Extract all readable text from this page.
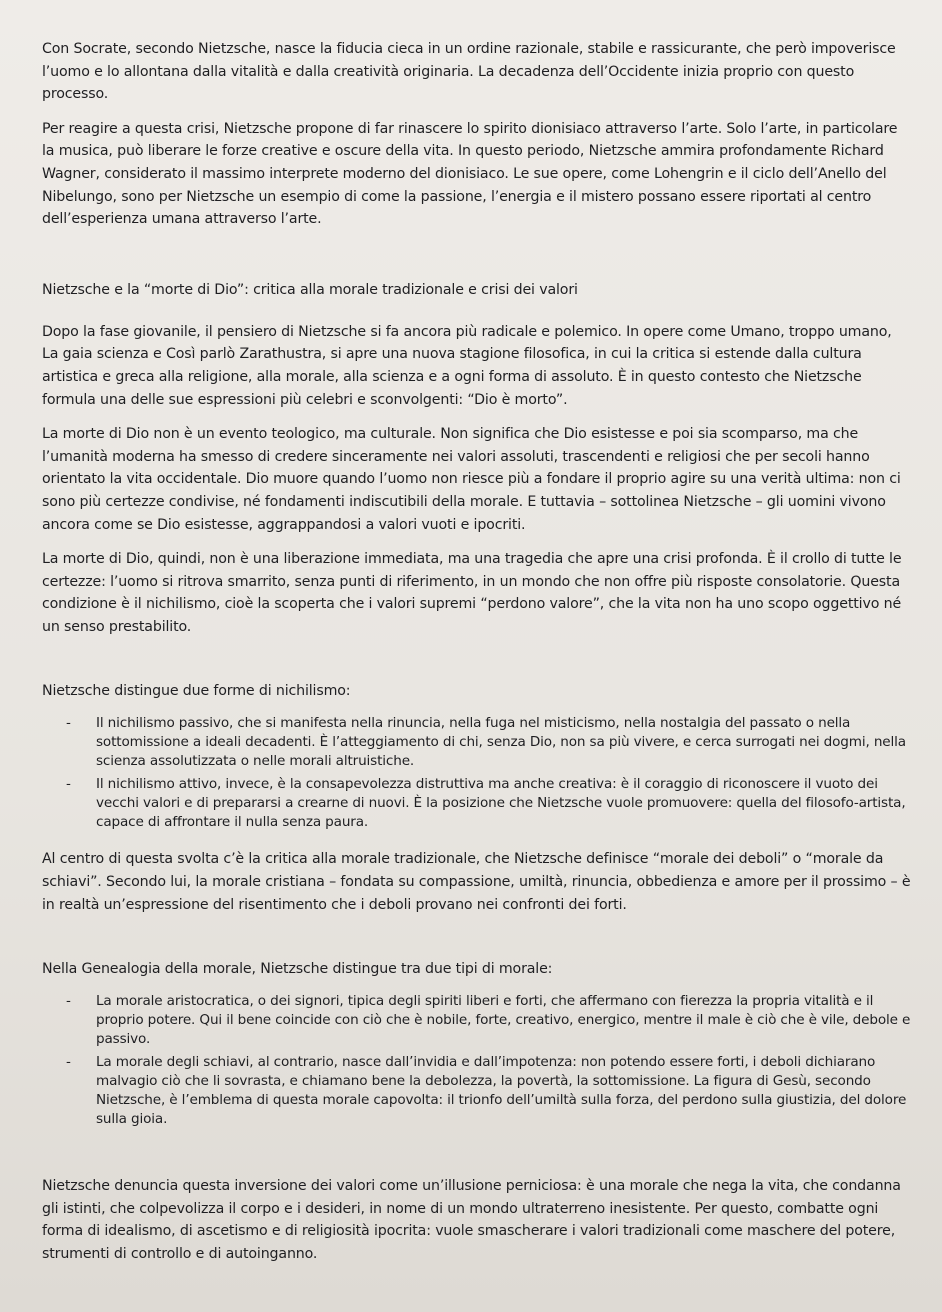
Con Socrate, secondo Nietzsche, nasce la fiducia cieca in un ordine razionale, stabile e rassicurante, che però impoverisce l’uomo e lo allontana dalla vitalità e dalla creatività originaria. La decadenza dell’Occidente inizia proprio con questo processo.

Per reagire a questa crisi, Nietzsche propone di far rinascere lo spirito dionisiaco attraverso l’arte. Solo l’arte, in particolare la musica, può liberare le forze creative e oscure della vita. In questo periodo, Nietzsche ammira profondamente Richard Wagner, considerato il massimo interprete moderno del dionisiaco. Le sue opere, come Lohengrin e il ciclo dell’Anello del Nibelungo, sono per Nietzsche un esempio di come la passione, l’energia e il mistero possano essere riportati al centro dell’esperienza umana attraverso l’arte.

Nietzsche e la “morte di Dio”: critica alla morale tradizionale e crisi dei valori

Dopo la fase giovanile, il pensiero di Nietzsche si fa ancora più radicale e polemico. In opere come Umano, troppo umano, La gaia scienza e Così parlò Zarathustra, si apre una nuova stagione filosofica, in cui la critica si estende dalla cultura artistica e greca alla religione, alla morale, alla scienza e a ogni forma di assoluto. È in questo contesto che Nietzsche formula una delle sue espressioni più celebri e sconvolgenti: “Dio è morto”.

La morte di Dio non è un evento teologico, ma culturale. Non significa che Dio esistesse e poi sia scomparso, ma che l’umanità moderna ha smesso di credere sinceramente nei valori assoluti, trascendenti e religiosi che per secoli hanno orientato la vita occidentale. Dio muore quando l’uomo non riesce più a fondare il proprio agire su una verità ultima: non ci sono più certezze condivise, né fondamenti indiscutibili della morale. E tuttavia – sottolinea Nietzsche – gli uomini vivono ancora come se Dio esistesse, aggrappandosi a valori vuoti e ipocriti.

La morte di Dio, quindi, non è una liberazione immediata, ma una tragedia che apre una crisi profonda. È il crollo di tutte le certezze: l’uomo si ritrova smarrito, senza punti di riferimento, in un mondo che non offre più risposte consolatorie. Questa condizione è il nichilismo, cioè la scoperta che i valori supremi “perdono valore”, che la vita non ha uno scopo oggettivo né un senso prestabilito.

Nietzsche distingue due forme di nichilismo:

- Il nichilismo passivo, che si manifesta nella rinuncia, nella fuga nel misticismo, nella nostalgia del passato o nella sottomissione a ideali decadenti. È l’atteggiamento di chi, senza Dio, non sa più vivere, e cerca surrogati nei dogmi, nella scienza assolutizzata o nelle morali altruistiche.
- Il nichilismo attivo, invece, è la consapevolezza distruttiva ma anche creativa: è il coraggio di riconoscere il vuoto dei vecchi valori e di prepararsi a crearne di nuovi. È la posizione che Nietzsche vuole promuovere: quella del filosofo-artista, capace di affrontare il nulla senza paura.

Al centro di questa svolta c’è la critica alla morale tradizionale, che Nietzsche definisce “morale dei deboli” o “morale da schiavi”. Secondo lui, la morale cristiana – fondata su compassione, umiltà, rinuncia, obbedienza e amore per il prossimo – è in realtà un’espressione del risentimento che i deboli provano nei confronti dei forti.

Nella Genealogia della morale, Nietzsche distingue tra due tipi di morale:

- La morale aristocratica, o dei signori, tipica degli spiriti liberi e forti, che affermano con fierezza la propria vitalità e il proprio potere. Qui il bene coincide con ciò che è nobile, forte, creativo, energico, mentre il male è ciò che è vile, debole e passivo.
- La morale degli schiavi, al contrario, nasce dall’invidia e dall’impotenza: non potendo essere forti, i deboli dichiarano malvagio ciò che li sovrasta, e chiamano bene la debolezza, la povertà, la sottomissione. La figura di Gesù, secondo Nietzsche, è l’emblema di questa morale capovolta: il trionfo dell’umiltà sulla forza, del perdono sulla giustizia, del dolore sulla gioia.

Nietzsche denuncia questa inversione dei valori come un’illusione perniciosa: è una morale che nega la vita, che condanna gli istinti, che colpevolizza il corpo e i desideri, in nome di un mondo ultraterreno inesistente. Per questo, combatte ogni forma di idealismo, di ascetismo e di religiosità ipocrita: vuole smascherare i valori tradizionali come maschere del potere, strumenti di controllo e di autoinganno.
